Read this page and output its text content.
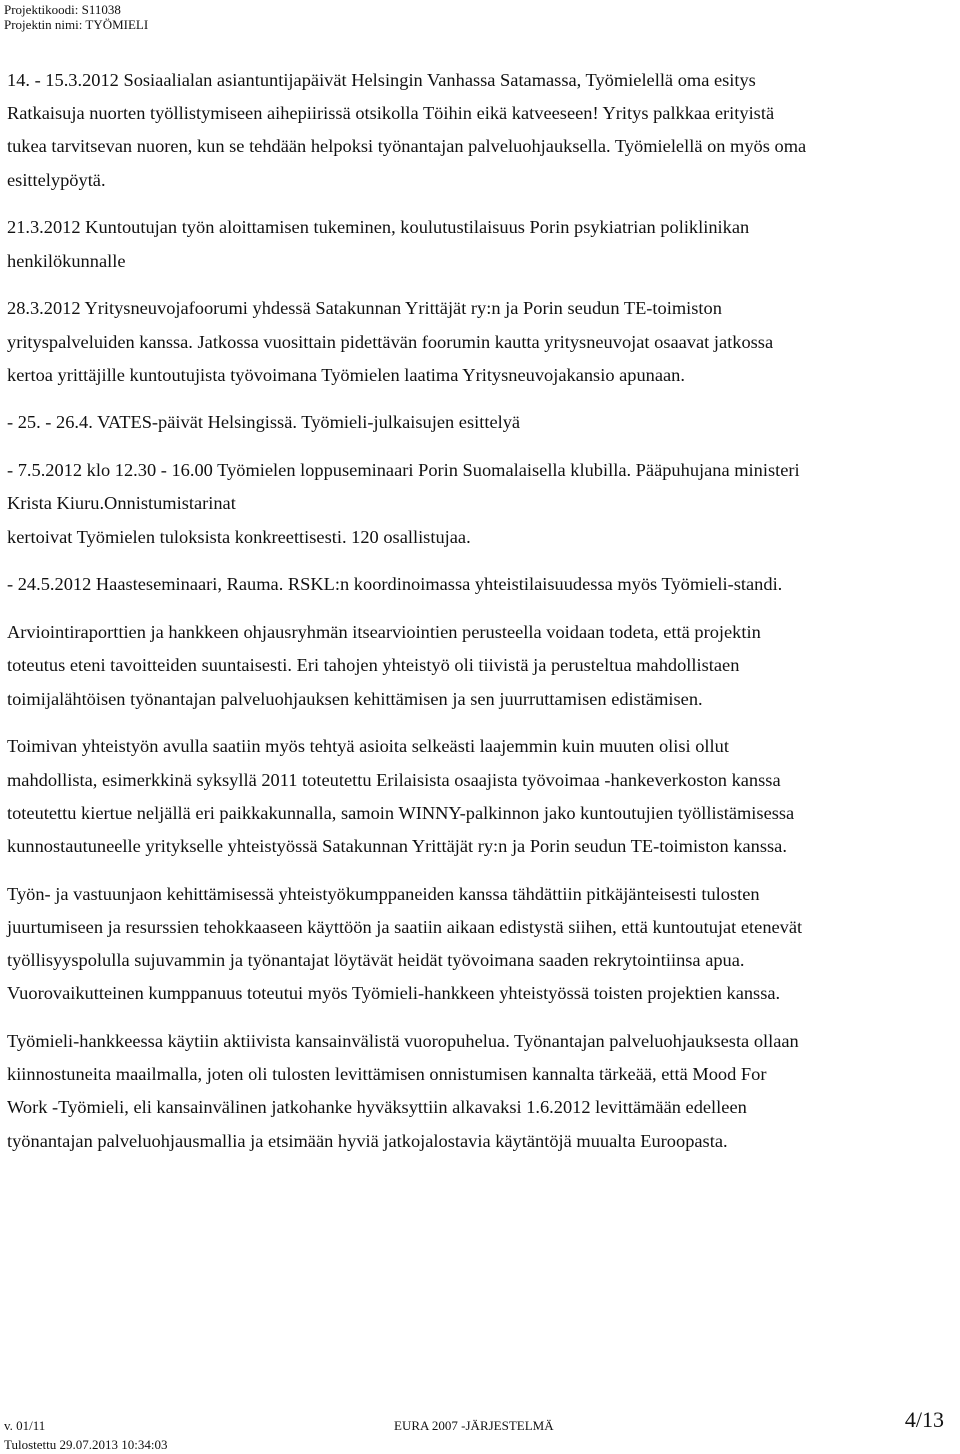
Projektikoodi: S11038
Projektin nimi: TYÖMIELI
14. - 15.3.2012 Sosiaalialan asiantuntijapäivät Helsingin Vanhassa Satamassa, Työmielellä oma esitys
Ratkaisuja nuorten työllistymiseen aihepiirissä otsikolla Töihin eikä katveeseen! Yritys palkkaa erityistä
tukea tarvitsevan nuoren, kun se tehdään helpoksi työnantajan palveluohjauksella. Työmielellä on myös oma
esittelypöytä.
21.3.2012 Kuntoutujan työn aloittamisen tukeminen, koulutustilaisuus Porin psykiatrian poliklinikan
henkilökunnalle
28.3.2012 Yritysneuvojafoorumi yhdessä Satakunnan Yrittäjät ry:n ja Porin seudun TE-toimiston
yrityspalveluiden kanssa. Jatkossa vuosittain pidettävän foorumin kautta yritysneuvojat osaavat jatkossa
kertoa yrittäjille kuntoutujista työvoimana Työmielen laatima Yritysneuvojakansio apunaan.
- 25. - 26.4. VATES-päivät Helsingissä. Työmieli-julkaisujen esittelyä
- 7.5.2012 klo 12.30 - 16.00 Työmielen loppuseminaari Porin Suomalaisella klubilla. Pääpuhujana ministeri
Krista Kiuru.Onnistumistarinat
kertoivat Työmielen tuloksista konkreettisesti. 120 osallistujaa.
- 24.5.2012 Haasteseminaari, Rauma. RSKL:n koordinoimassa yhteistilaisuudessa myös Työmieli-standi.
Arviointiraporttien ja hankkeen ohjausryhmän itsearviointien perusteella voidaan todeta, että projektin
toteutus eteni tavoitteiden suuntaisesti. Eri tahojen yhteistyö oli tiivistä ja perusteltua mahdollistaen
toimijalähtöisen työnantajan palveluohjauksen kehittämisen ja sen juurruttamisen edistämisen.
Toimivan yhteistyön avulla saatiin myös tehtyä asioita selkeästi laajemmin kuin muuten olisi ollut
mahdollista, esimerkkinä syksyllä 2011 toteutettu Erilaisista osaajista työvoimaa -hankeverkoston kanssa
toteutettu kiertue neljällä eri paikkakunnalla, samoin WINNY-palkinnon jako kuntoutujien työllistämisessa
kunnostautuneelle yritykselle yhteistyössä Satakunnan Yrittäjät ry:n ja Porin seudun TE-toimiston kanssa.
Työn- ja vastuunjaon kehittämisessä yhteistyökumppaneiden kanssa tähdättiin pitkäjänteisesti tulosten
juurtumiseen ja resurssien tehokkaaseen käyttöön ja saatiin aikaan edistystä siihen, että kuntoutujat etenevät
työllisyyspolulla sujuvammin ja työnantajat löytävät heidät työvoimana saaden rekrytointiinsa apua.
Vuorovaikutteinen kumppanuus toteutui myös Työmieli-hankkeen yhteistyössä toisten projektien kanssa.
Työmieli-hankkeessa käytiin aktiivista kansainvälistä vuoropuhelua. Työnantajan palveluohjauksesta ollaan
kiinnostuneita maailmalla, joten oli tulosten levittämisen onnistumisen kannalta tärkeää, että Mood For
Work -Työmieli, eli kansainvälinen jatkohanke hyväksyttiin alkavaksi 1.6.2012 levittämään edelleen
työnantajan palveluohjausmallia ja etsimään hyviä jatkojalostavia käytäntöjä muualta Euroopasta.
v. 01/11	EURA 2007 -JÄRJESTELMÄ	4/13
Tulostettu 29.07.2013 10:34:03
